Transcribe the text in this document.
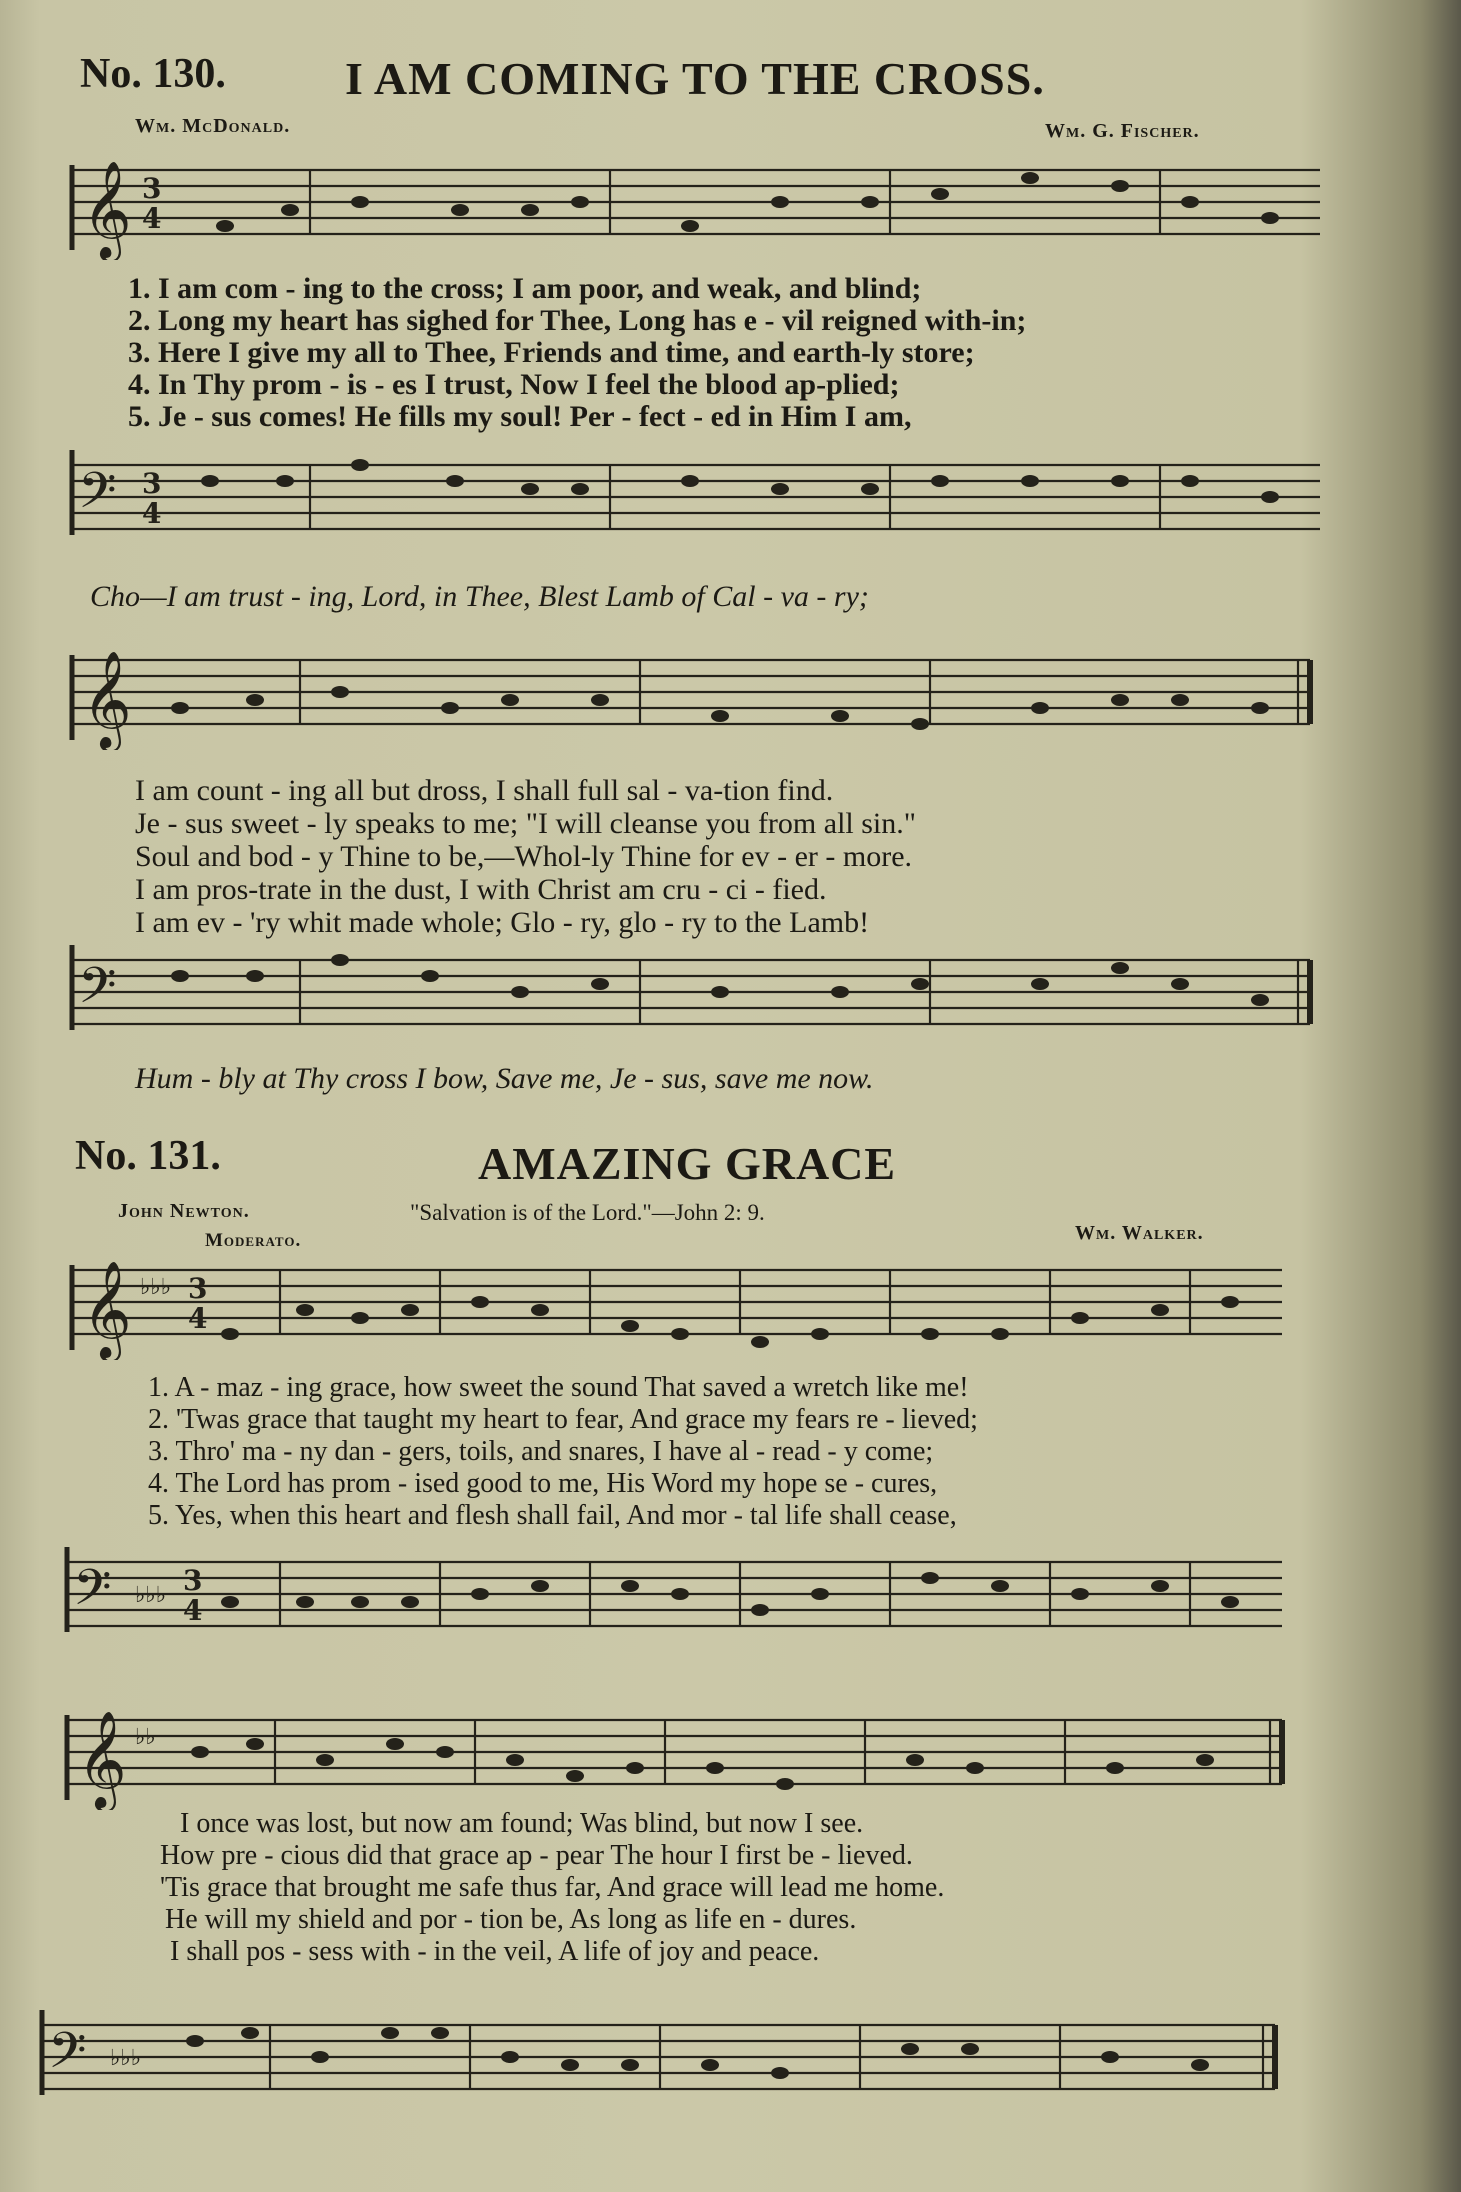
No. 130.	I AM COMING TO THE CROSS.
Wm. McDonald.	Wm. G. Fischer.
𝄞 3
4
1. I am com - ing to the cross; I am poor, and weak, and blind;
2. Long my heart has sighed for Thee, Long has e - vil reigned with-in;
3. Here I give my all to Thee, Friends and time, and earth-ly store;
4. In Thy prom - is - es I trust, Now I feel the blood ap-plied;
5. Je - sus comes! He fills my soul! Per - fect - ed in Him I am,
𝄢 3
4
Cho—I am trust - ing, Lord, in Thee, Blest Lamb of Cal - va - ry;
𝄞
I am count - ing all but dross, I shall full sal - va-tion find.
Je - sus sweet - ly speaks to me; "I will cleanse you from all sin."
Soul and bod - y Thine to be,—Whol-ly Thine for ev - er - more.
I am pros-trate in the dust, I with Christ am cru - ci - fied.
I am ev - 'ry whit made whole; Glo - ry, glo - ry to the Lamb!
𝄢
Hum - bly at Thy cross I bow, Save me, Je - sus, save me now.
No. 131.	AMAZING GRACE
John Newton.	"Salvation is of the Lord."—John 2: 9.
Wm. Walker.
Moderato.
𝄞 ♭♭♭ 3
4
1. A - maz - ing grace, how sweet the sound That saved a wretch like me!
2. 'Twas grace that taught my heart to fear, And grace my fears re - lieved;
3. Thro' ma - ny dan - gers, toils, and snares, I have al - read - y come;
4. The Lord has prom - ised good to me, His Word my hope se - cures,
5. Yes, when this heart and flesh shall fail, And mor - tal life shall cease,
𝄢 ♭♭♭ 3
4
𝄞 ♭♭
I once was lost, but now am found; Was blind, but now I see.
How pre - cious did that grace ap - pear The hour I first be - lieved.
'Tis grace that brought me safe thus far, And grace will lead me home.
He will my shield and por - tion be, As long as life en - dures.
I shall pos - sess with - in the veil, A life of joy and peace.
𝄢 ♭♭♭
